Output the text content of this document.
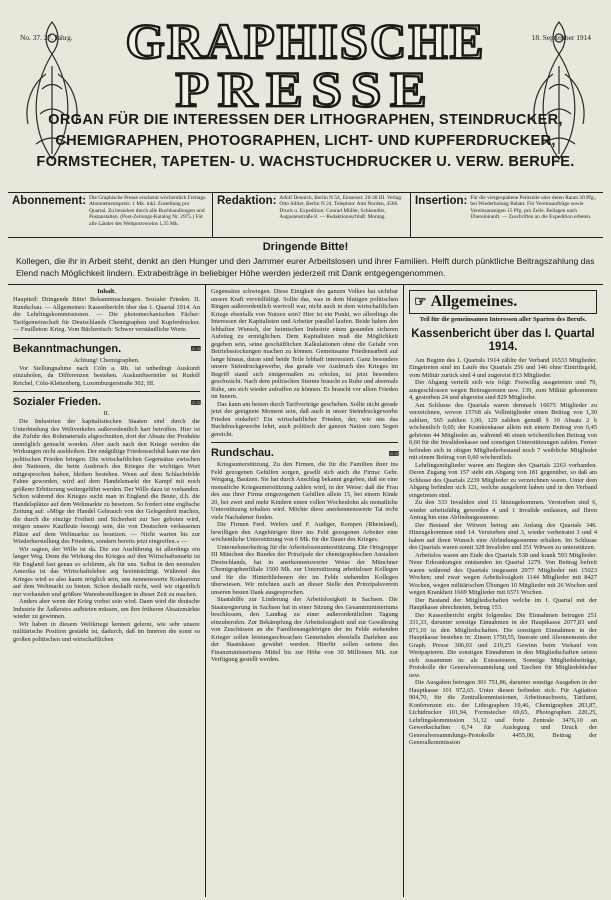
No. 37. 27. Jahrg.	18. September 1914
GRAPHISCHE
PRESSE
ORGAN FÜR DIE INTERESSEN DER LITHOGRAPHEN, STEINDRUCKER,
CHEMIGRAPHEN, PHOTOGRAPHEN, LICHT- UND KUPFERDRUCKER,
FORMSTECHER, TAPETEN- U. WACHSTUCHDRUCKER U. VERW. BERUFE.
Abonnement: Die Graphische Presse erscheint wöchentlich Freitags. Abonnementspreis: 1 Mk. inkl. Zustellung pro Quartal. Zu beziehen durch alle Buchhandlungen und Postanstalten. (Post-Zeitungs-Katalog Nr. 2975.) Für alle Länder des Weltpostvereins 1,35 Mk.
Redaktion: Adolf Dennich, Berlin N 54, Einsenstr. 26-28 III. Verlag: Otto Sillier, Berlin N 24. Telephon: Amt Norden, 4566. Druck u. Expedition: Conrad Müller, Schkeuditz, Augustenstraße 8. — Redaktionsschluß: Montag.
Insertion: Für die viergespaltene Petitzeile oder deren Raum 30 Pfg., bei Wiederholung Rabatt. Für Vereinsaufträge sowie Vereinsanzeigen 15 Pfg. pro Zeile. Beilagen nach Übereinkunft. — Zuschriften an die Expedition erbeten.
Dringende Bitte!
Kollegen, die ihr in Arbeit steht, denkt an den Hunger und den Jammer eurer Arbeitslosen und ihrer Familien. Helft durch pünktliche Beitragszahlung das Elend nach Möglichkeit lindern. Extrabeiträge in beliebiger Höhe werden jederzeit mit Dank entgegengenommen.
Inhalt.

Hauptteil: Dringende Bitte! Bekanntmachungen. Sozialer Frieden. II. Rundschau. — Allgemeines: Kassenbericht über das 1. Quartal 1914. An die Lehrlingskommissionen. — Die photomechanischen Fächer: Tarifgemeinschaft für Deutschlands Chemigraphen und Kupferdrucker. — Feuilleton: Krieg. Vom Büchertisch: Schwer verständliche Worte.

Bekanntmachungen.	▧▧
Achtung! Chemigraphen.

Vor Stellungnahme nach Cöln a. Rh. ist unbedingt Auskunft einzuholen, da Differenzen bestehen. Auskunftserteiler ist Rudolf Reichel, Cöln-Klettenberg, Luxemburgerstraße 302, III.

Sozialer Frieden.	▧▧
II.

Die Industrien der kapitalistischen Staaten sind durch die Unterbindung des Weltverkehrs außerordentlich hart betroffen. Hier ist die Zufuhr des Rohmaterials abgeschnitten, dort der Absatz der Produkte unmöglich gemacht worden. Aber auch nach den Kriege werden die Wirkungen nicht ausbleiben. Der endgültige Friedensschluß kann nur den politischen Frieden bringen. Die wirtschaftlichen Gegensätze zwischen den Nationen, die beim Ausbruch des Krieges ihr wichtiges Wort mitgesprochen haben, bleiben bestehen. Wenn auf dem Schlachtfelde Fahne geworden, wird auf dem Handelsmarkt der Kampf mit noch größerer Erbitterung weitergeführt werden. Der Wille dazu ist vorhanden. Schon während des Krieges sucht man in England die Beute, d.h. die Handelsplätze auf dem Weltmarkte zu besetzen. So fordert eine englische Zeitung auf: »Möge der Handel Gebrauch von der Gelegenheit machen, die durch die einzige Freiheit und Sicherheit zur See geboten wird, mögen unsere Kaufleute besorgt sein, die von Deutschen verlassenen Plätze auf dem Weltmarkte zu besetzen. — Nicht warten bis zur Wiederherstellung des Friedens, sondern bereits jetzt eingreifen.« —

Wir sagten, der Wille ist da. Die zur Ausführung ist allerdings ein langer Weg. Denn die Wirkung des Krieges auf den Wirtschaftsmarkt ist für England fast genau so schlimm, als für uns. Selbst in den neutralen Amerika ist das Wirtschaftsleben arg beeinträchtigt. Während des Krieges wird es also kaum möglich sein, uns nennenswerte Konkurrenz auf dem Weltmarkt zu bieten. Schon deshalb nicht, weil wir eigentlich nur vorhanden und größere Warenbestellungen in dieser Zeit zu machen.

Anders aber wenn der Krieg vorbei sein wird. Dann wird die deutsche Industrie ihr Äußerstes aufbieten müssen, um ihre früheren Absatzmärkte wieder zu gewinnen.

Wir haben in diesem Weltkriege kennen gelernt, wie sehr unsere militärische Position gestärkt ist, dadurch, daß im Inneren die sonst so großen politischen und wirtschaftlichen

Gegensätze schwiegen. Diese Einigkeit des ganzen Volkes hat sichtbar unsere Kraft vervielfältigt. Sollte das, was in dem blutigen politischen Ringen außerordentlich wertvoll war, nicht auch in dem wirtschaftlichen Kriege ebenfalls von Nutzen sein? Hier ist ein Punkt, wo allerdings die Interessen der Kapitalisten und Arbeiter parallel laufen. Beide haben den lebhaften Wunsch, der heimischen Industrie einen gesunden sicheren Aufstieg zu ermöglichen. Dem Kapitalisten muß die Möglichkeit gegeben sein, seine geschäftlichen Kalkulationen ohne die Gefahr von Betriebsstockungen machen zu können. Gemeinsame Friedensarbeit auf lange hinaus, daran sind beide Teile lebhaft interessiert. Ganz besonders unsere Steindruckgewerbe, das gerade vor Ausbruch des Krieges im Begriff stand sich einigermaßen zu erholen, ist jetzt besonders geschwächt. Nach dem politischen Sturme braucht es Ruhe und abermals Ruhe, um sich wieder aufraffen zu können. Es braucht vor allem Frieden im Innern.

Das kann am besten durch Tarifverträge geschehen. Sollte nicht gerade jetzt der geeignete Moment sein, daß auch in unser Steindruckgewerbe Frieden einkehrt? Ein wirtschaftlicher Frieden, der, wie uns das Buchdruckgewerbe lehrt, auch politisch der ganzen Nation zum Segen gereicht.

Rundschau.	▧▧

Kriegsunterstützung. Zu den Firmen, die für die Familien ihrer ins Feld gezogenen Gehilfen sorgen, gesellt sich auch die Firma: Gebr. Weigang, Bautzen. Sie hat durch Anschlag bekannt gegeben, daß sie eine monatliche Kriegsunterstützung zahlen wird, in der Weise: daß die Frau des aus ihrer Firma eingezogenen Gehilfen allein 15, bei einem Kinde 20, bei zwei und mehr Kindern einen vollen Wochenlohn als monatliche Unterstützung erhalten wird. Möchte diese anerkennenswerte Tat recht viele Nachahmer finden.

Die Firmen Ferd. Wefers und F. Audiger, Kempen (Rheinland), bewilligen den Angehörigen ihrer ins Feld gezogenen Arbeiter eine wöchentliche Unterstützung von 6 Mk. für die Dauer des Krieges.

Unternehmerbeitrag für die Arbeitslosenunterstützung. Die Ortsgruppe III München des Bundes der Prinzipale der chemigraphischen Anstalten Deutschlands, hat in anerkennenswerter Weise der Münchner Chemigraphenfiliale 1500 Mk. zur Unterstützung arbeitsloser Kollegen und für die Hinterbliebenen der im Felde stehenden Kollegen überwiesen. Wir möchten auch an dieser Stelle den Prinzipalsverein unseren besten Dank ausgesprochen.

Staatshilfe zur Linderung der Arbeitslosigkeit in Sachsen. Die Staatsregierung in Sachsen hat in einer Sitzung des Gesamtministeriums beschlossen, den Landtag zu einer außerordentlichen Tagung einzuberufen. Zur Bekämpfung der Arbeitslosigkeit und zur Gewährung von Zuschüssen an die Familienangehörigen der im Felde stehenden Krieger sollen leistungsschwachen Gemeinden ebenfalls Darlehen aus der Staatskasse gewährt werden. Hierfür sollen seitens des Finanzministeriums Mittel bis zur Höhe von 30 Millionen Mk. zur Verfügung gestellt werden.

☞ Allgemeines.
Teil für die gemeinsamen Interessen aller Sparten des Berufs.
Kassenbericht über das I. Quartal 1914.

Am Beginn des 1. Quartals 1914 zählte der Verband 16533 Mitglieder. Eingetreten sind im Laufe des Quartals 256 und 146 ohne Eintrittsgeld, vom Militär zurück sind 4 und zugereist 813 Mitglieder.

Der Abgang verteilt sich wie folgt: Freiwillig ausgetreten sind 79, ausgeschlossen wegen Beitragsresten usw. 139, zum Militär gekommen 4, gestorben 24 und abgereist sind 829 Mitglieder.

Am Schlusse des Quartals waren demnach 16675 Mitglieder zu verzeichnen, wovon 15768 als Vollmitglieder einen Beitrag von 1,30 zahlten, 565 zahlten 1,00, 129 zahlten gemäß § 10 Absatz 2 b wöchentlich 0,60; der Krankenkasse allein mit einem Beitrag von 0,45 gehörten 44 Mitglieder an, während 46 einen wöchentlichen Beitrag von 0,60 für die Invalidenkasse und sonstigen Unterstützungen zahlen. Ferner befinden sich in obigen Mitgliederbestand noch 7 weibliche Mitglieder mit einem Beitrag von 0,60 wöchentlich.

Lehrlingsmitglieder waren am Beginn des Quartals 2263 vorhanden. Deren Zugang von 157 steht ein Abgang von 181 gegenüber, so daß am Schlusse des Quartals 2239 Mitglieder zu verzeichnen waren. Unter dem Abgang befinden sich 121, welche ausgelernt haben und in den Verband eingetreten sind.

Zu den 333 Invaliden sind 11 hinzugekommen. Verstorben sind 6, wieder arbeitsfähig geworden 4 und 1 Invalide entlassen, auf Ihren Antrag hin eine Abfindungssumme.

Der Bestand der Witwen betrug am Anfang des Quartals 346. Hinzugekommen sind 14. Verstorben sind 3, wieder verheiratet 3 und 4 haben auf ihren Wunsch eine Abfindungssumme erhalten. Im Schlusse des Quartals waren somit 328 Invaliden und 351 Witwen zu unterstützen.

Arbeitslos waren am Ende des Quartals 538 und krank 593 Mitglieder. Neue Erkrankungen entstanden im Quartal 1279. Von Beitrag befreit waren während des Quartals insgesamt 2977 Mitglieder mit 15023 Wochen; und zwar wegen Arbeitslosigkeit 1144 Mitglieder mit 8427 Wochen, wegen militärischen Übungen 10 Mitglieder mit 26 Wochen und wegen Krankheit 1669 Mitglieder mit 6571 Wochen.

Der Bestand der Mitgliedschaften welche im I. Quartal mit der Hauptkasse abrechneten, betrug 153.

Der Kassenbericht ergibt folgendes: Die Einnahmen betrugen 251 331,33, darunter sonstige Einnahmen in der Hauptkasse 2077,83 und 871,10 in den Mitgliedschaften. Die sonstigen Einnahmen in der Hauptkasse bestehen in: Zinsen 1750,55, Inserate und Abonnements der Graph. Presse 306,03 und 219,25 Gewinn beim Verkauf von Wertpapieren. Die sonstigen Einnahmen in den Mitgliedschaften setzen sich zusammen in: als Extrasteuern, Sonstige Mitgliedsbeiträge, Protokolle der Generalversammlung und Taschen für Mitgliedsbücher usw.

Die Ausgaben betrugen 301 751,86, darunter sonstige Ausgaben in der Hauptkasse 101 972,65. Unter diesen befinden sich: Für Agitation 904,70, für die Zentralkommissionen, Arbeitsnachweis, Tarifamt, Konferenzen etc. der Lithographen 19,46, Chemigraphen 203,87, Lichtdrucker 101,94, Formstecher 69,65, Photographen 220,25, Lehrlingskommission 31,12 und freie Zentrale 3476,10 an Gewerkschaften 6,74 für Auslegung und Druck der Generalversammlungs-Protokolle 4455,00, Beitrag der Generalkommission
